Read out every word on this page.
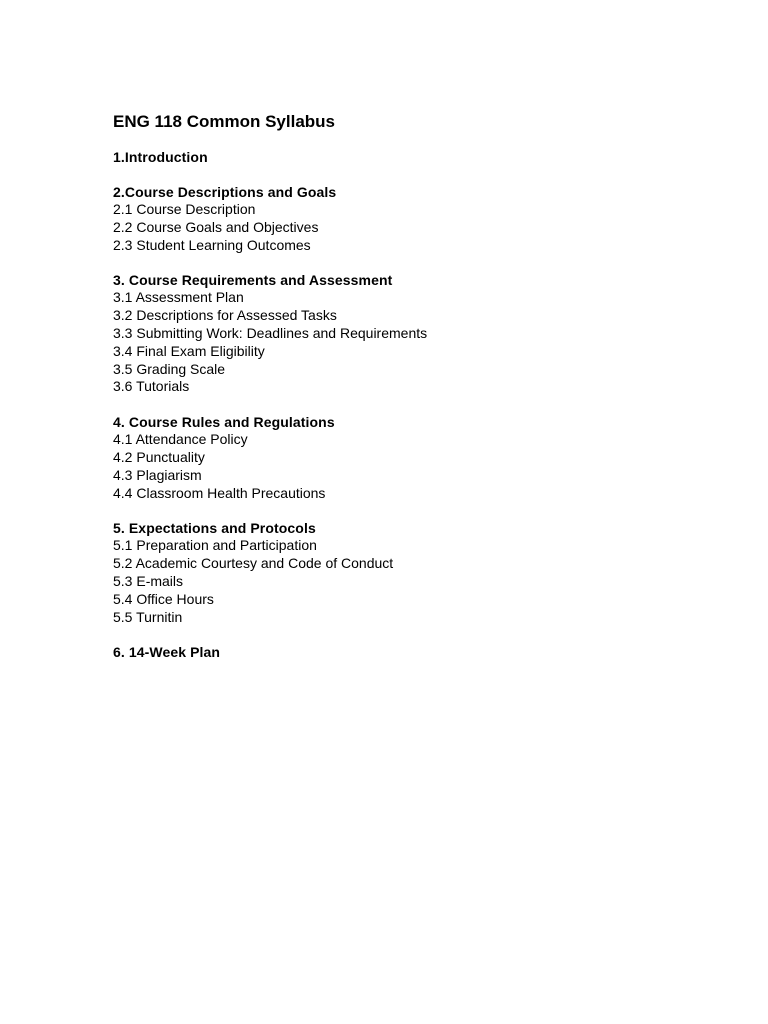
ENG 118 Common Syllabus
1.Introduction
2.Course Descriptions and Goals
2.1 Course Description
2.2 Course Goals and Objectives
2.3 Student Learning Outcomes
3. Course Requirements and Assessment
3.1 Assessment Plan
3.2 Descriptions for Assessed Tasks
3.3 Submitting Work: Deadlines and Requirements
3.4 Final Exam Eligibility
3.5 Grading Scale
3.6 Tutorials
4. Course Rules and Regulations
4.1 Attendance Policy
4.2 Punctuality
4.3 Plagiarism
4.4 Classroom Health Precautions
5. Expectations and Protocols
5.1 Preparation and Participation
5.2 Academic Courtesy and Code of Conduct
5.3 E-mails
5.4 Office Hours
5.5 Turnitin
6. 14-Week Plan
